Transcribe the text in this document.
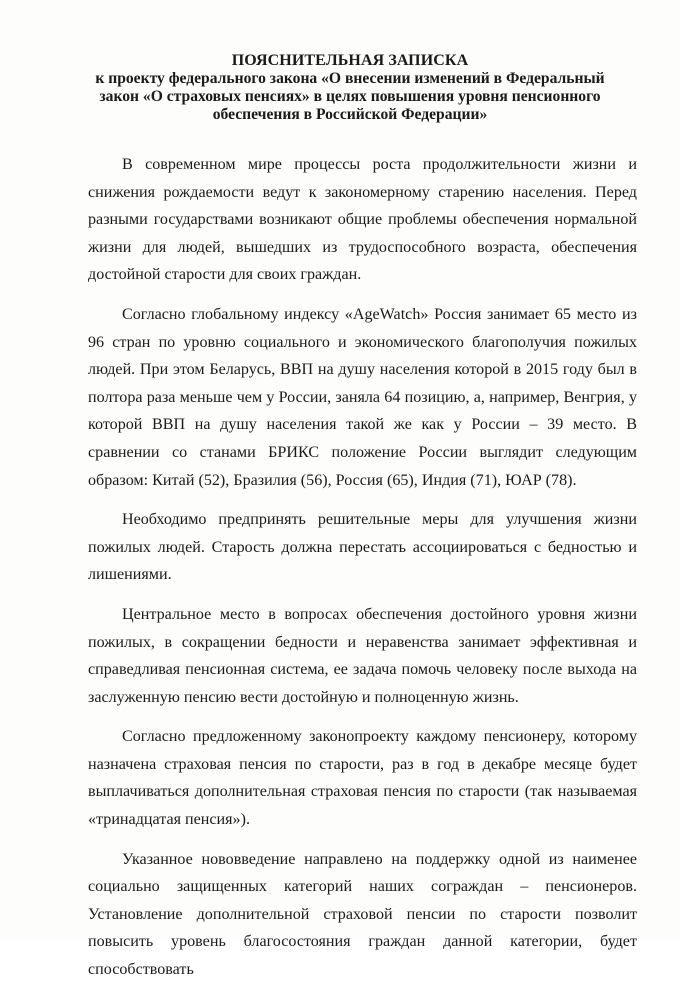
ПОЯСНИТЕЛЬНАЯ ЗАПИСКА
к проекту федерального закона «О внесении изменений в Федеральный
закон «О страховых пенсиях» в целях повышения уровня пенсионного
обеспечения в Российской Федерации»

В современном мире процессы роста продолжительности жизни и снижения рождаемости ведут к закономерному старению населения. Перед разными государствами возникают общие проблемы обеспечения нормальной жизни для людей, вышедших из трудоспособного возраста, обеспечения достойной старости для своих граждан.

Согласно глобальному индексу «AgeWatch» Россия занимает 65 место из 96 стран по уровню социального и экономического благополучия пожилых людей. При этом Беларусь, ВВП на душу населения которой в 2015 году был в полтора раза меньше чем у России, заняла 64 позицию, а, например, Венгрия, у которой ВВП на душу населения такой же как у России – 39 место. В сравнении со станами БРИКС положение России выглядит следующим образом: Китай (52), Бразилия (56), Россия (65), Индия (71), ЮАР (78).

Необходимо предпринять решительные меры для улучшения жизни пожилых людей. Старость должна перестать ассоциироваться с бедностью и лишениями.

Центральное место в вопросах обеспечения достойного уровня жизни пожилых, в сокращении бедности и неравенства занимает эффективная и справедливая пенсионная система, ее задача помочь человеку после выхода на заслуженную пенсию вести достойную и полноценную жизнь.

Согласно предложенному законопроекту каждому пенсионеру, которому назначена страховая пенсия по старости, раз в год в декабре месяце будет выплачиваться дополнительная страховая пенсия по старости (так называемая «тринадцатая пенсия»).

Указанное нововведение направлено на поддержку одной из наименее социально защищенных категорий наших сограждан – пенсионеров. Установление дополнительной страховой пенсии по старости позволит повысить уровень благосостояния граждан данной категории, будет способствовать
